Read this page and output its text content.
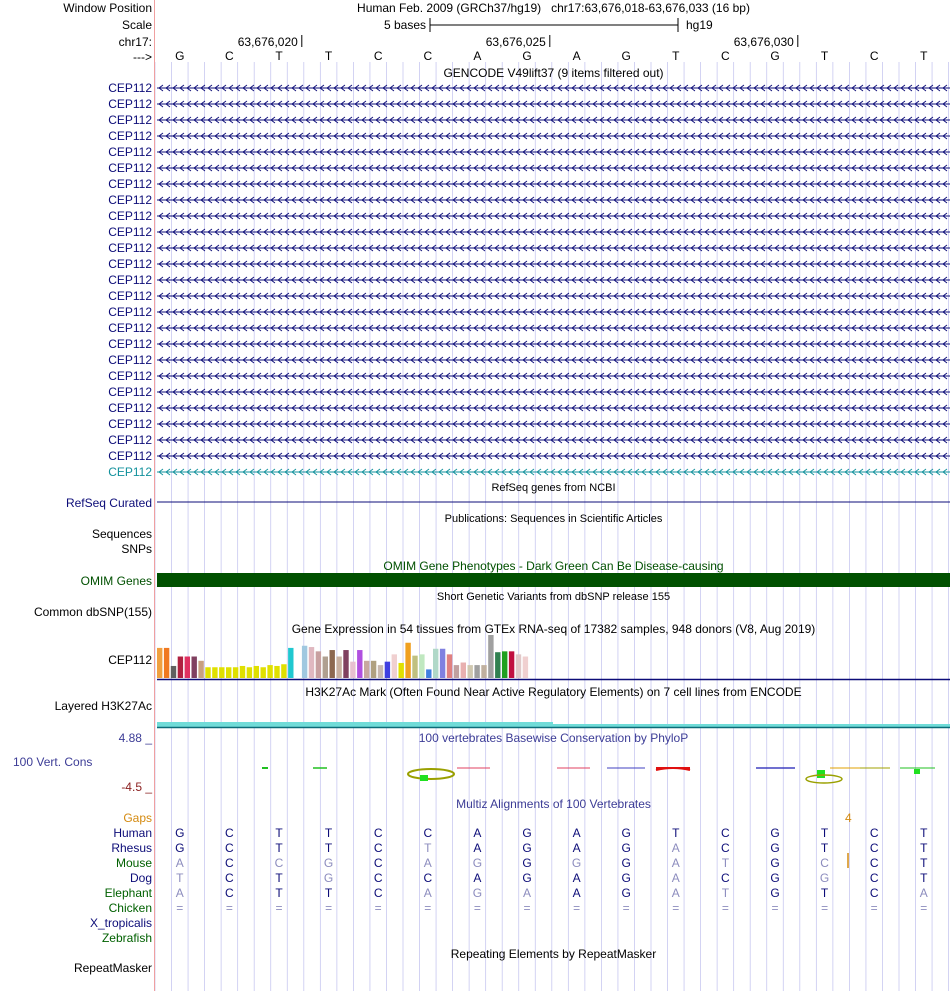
Window Position	Human Feb. 2009 (GRCh37/hg19)   chr17:63,676,018-63,676,033 (16 bp)
Scale	5 bases	hg19
chr17:	63,676,020	63,676,025	63,676,030
--->	G	C	T	T	C	C	A	G	A	G	T	C	G	T	C	T
GENCODE V49lift37 (9 items filtered out)
CEP112
CEP112
CEP112
CEP112
CEP112
CEP112
CEP112
CEP112
CEP112
CEP112
CEP112
CEP112
CEP112
CEP112
CEP112
CEP112
CEP112
CEP112
CEP112
CEP112
CEP112
CEP112
CEP112
CEP112
CEP112
RefSeq genes from NCBI
RefSeq Curated
Publications: Sequences in Scientific Articles
Sequences
SNPs
OMIM Gene Phenotypes - Dark Green Can Be Disease-causing
OMIM Genes
Short Genetic Variants from dbSNP release 155
Common dbSNP(155)
Gene Expression in 54 tissues from GTEx RNA-seq of 17382 samples, 948 donors (V8, Aug 2019)
CEP112
H3K27Ac Mark (Often Found Near Active Regulatory Elements) on 7 cell lines from ENCODE
Layered H3K27Ac
100 vertebrates Basewise Conservation by PhyloP
100 Vert. Cons
4.88 _
-4.5 _
Multiz Alignments of 100 Vertebrates
Gaps	4
Human	G	C	T	T	C	C	A	G	A	G	T	C	G	T	C	T
Rhesus	G	C	T	T	C	T	A	G	A	G	A	C	G	T	C	T
Mouse	A	C	C	G	C	A	G	G	G	G	A	T	G	C	C	T
Dog	T	C	T	G	C	C	A	G	A	G	A	C	G	G	C	T
Elephant	A	C	T	T	C	A	G	A	A	G	A	T	G	T	C	A
Chicken	=	=	=	=	=	=	=	=	=	=	=	=	=	=	=	=
X_tropicalis
Zebrafish
Repeating Elements by RepeatMasker
RepeatMasker
